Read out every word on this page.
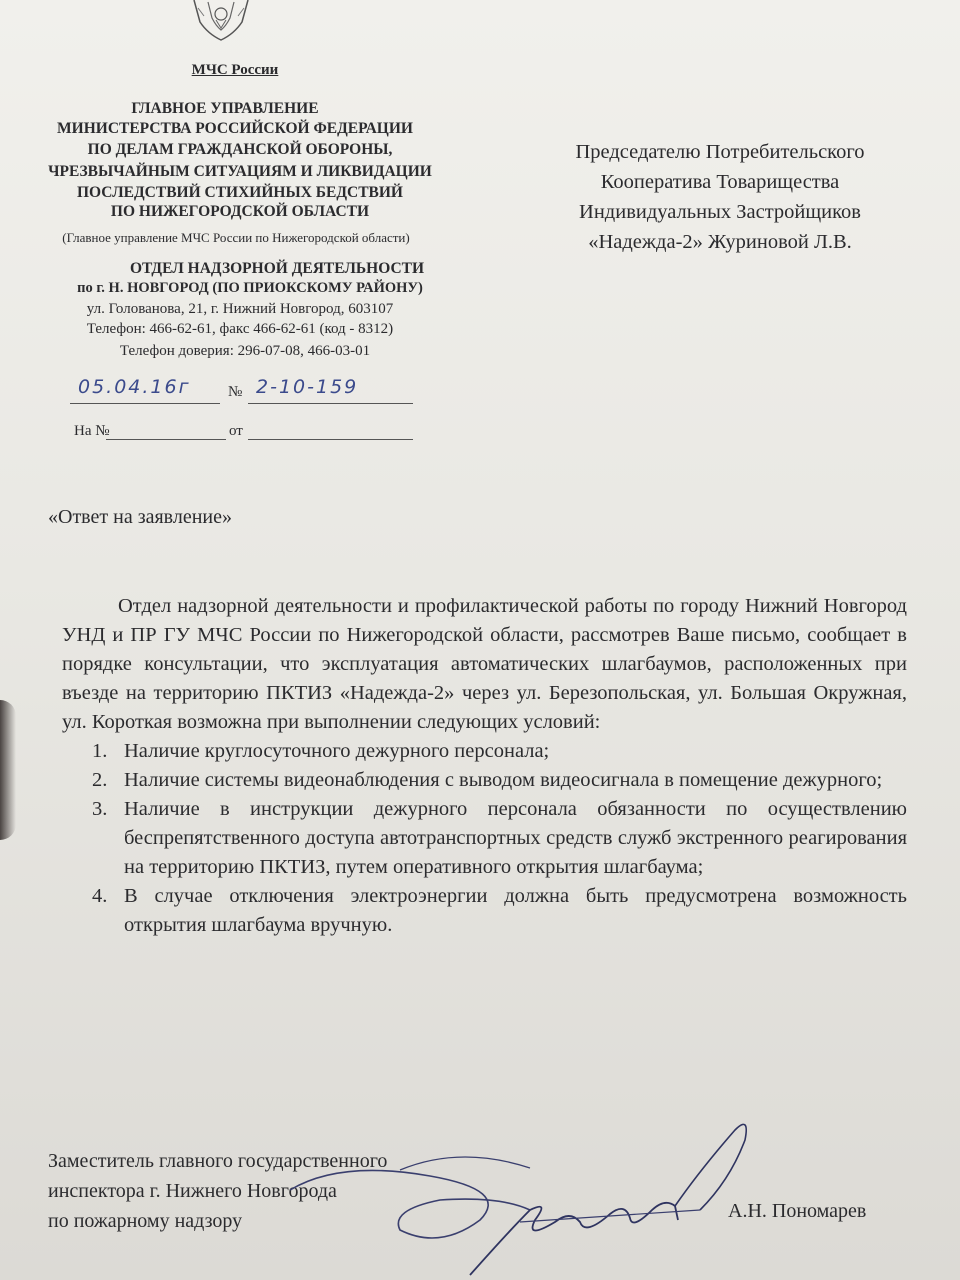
МЧС России
ГЛАВНОЕ УПРАВЛЕНИЕ
МИНИСТЕРСТВА РОССИЙСКОЙ ФЕДЕРАЦИИ
ПО ДЕЛАМ ГРАЖДАНСКОЙ ОБОРОНЫ,
ЧРЕЗВЫЧАЙНЫМ СИТУАЦИЯМ И ЛИКВИДАЦИИ
ПОСЛЕДСТВИЙ СТИХИЙНЫХ БЕДСТВИЙ
ПО НИЖЕГОРОДСКОЙ ОБЛАСТИ
(Главное управление МЧС России по Нижегородской области)
ОТДЕЛ НАДЗОРНОЙ ДЕЯТЕЛЬНОСТИ
по г. Н. НОВГОРОД (ПО ПРИОКСКОМУ РАЙОНУ)
ул. Голованова, 21, г. Нижний Новгород, 603107
Телефон: 466-62-61, факс 466-62-61 (код - 8312)
Телефон доверия: 296-07-08, 466-03-01
05.04.16г № 2-10-159
На №	от
Председателю Потребительского
Кооператива Товарищества
Индивидуальных Застройщиков
«Надежда-2» Журиновой Л.В.
«Ответ на заявление»
Отдел надзорной деятельности и профилактической работы по городу Нижний Новгород УНД и ПР ГУ МЧС России по Нижегородской области, рассмотрев Ваше письмо, сообщает в порядке консультации, что эксплуатация автоматических шлагбаумов, расположенных при въезде на территорию ПКТИЗ «Надежда-2» через ул. Березопольская, ул. Большая Окружная, ул. Короткая возможна при выполнении следующих условий:
1. Наличие круглосуточного дежурного персонала;
2. Наличие системы видеонаблюдения с выводом видеосигнала в помещение дежурного;
3. Наличие в инструкции дежурного персонала обязанности по осуществлению беспрепятственного доступа автотранспортных средств служб экстренного реагирования на территорию ПКТИЗ, путем оперативного открытия шлагбаума;
4. В случае отключения электроэнергии должна быть предусмотрена возможность открытия шлагбаума вручную.
Заместитель главного государственного
инспектора г. Нижнего Новгорода
по пожарному надзору	А.Н. Пономарев
